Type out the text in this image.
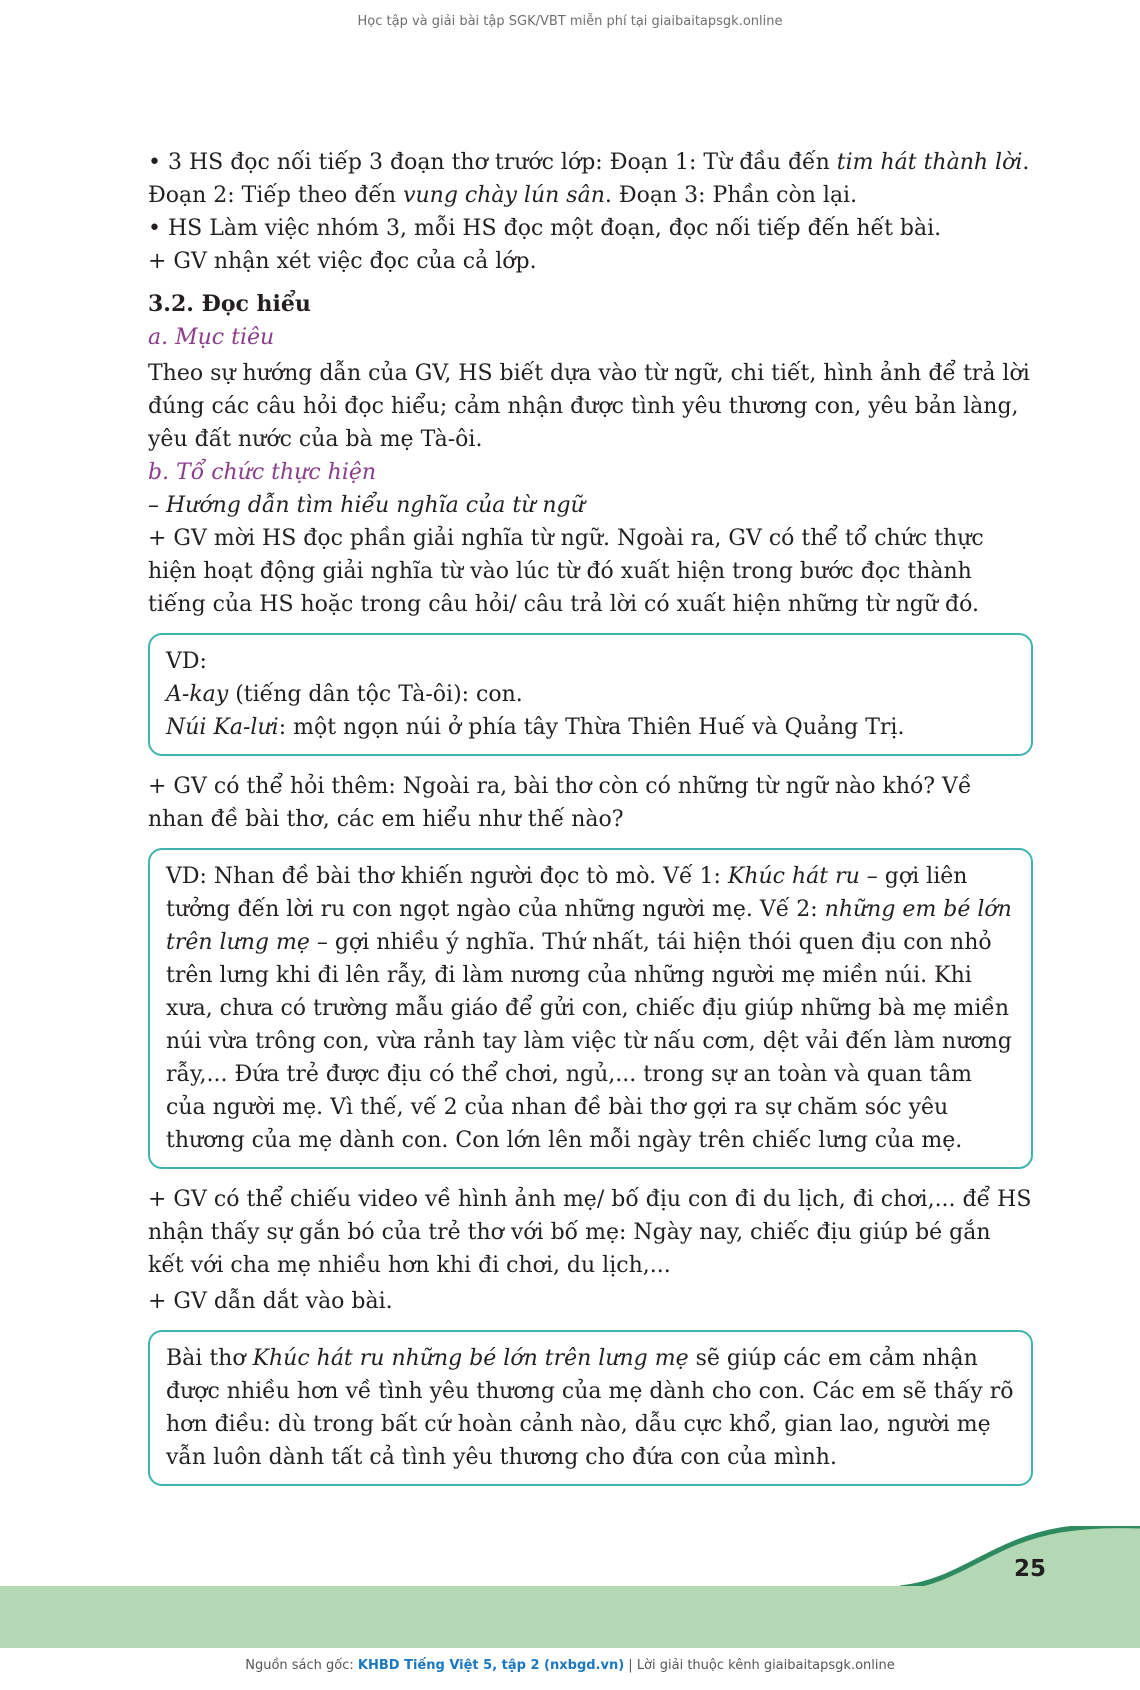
Học tập và giải bài tập SGK/VBT miễn phí tại giaibaitapsgk.online

• 3 HS đọc nối tiếp 3 đoạn thơ trước lớp: Đoạn 1: Từ đầu đến tim hát thành lời. Đoạn 2: Tiếp theo đến vung chày lún sân. Đoạn 3: Phần còn lại.

• HS Làm việc nhóm 3, mỗi HS đọc một đoạn, đọc nối tiếp đến hết bài.

+ GV nhận xét việc đọc của cả lớp.

3.2. Đọc hiểu

a. Mục tiêu

Theo sự hướng dẫn của GV, HS biết dựa vào từ ngữ, chi tiết, hình ảnh để trả lời đúng các câu hỏi đọc hiểu; cảm nhận được tình yêu thương con, yêu bản làng, yêu đất nước của bà mẹ Tà-ôi.

b. Tổ chức thực hiện

– Hướng dẫn tìm hiểu nghĩa của từ ngữ

+ GV mời HS đọc phần giải nghĩa từ ngữ. Ngoài ra, GV có thể tổ chức thực hiện hoạt động giải nghĩa từ vào lúc từ đó xuất hiện trong bước đọc thành tiếng của HS hoặc trong câu hỏi/ câu trả lời có xuất hiện những từ ngữ đó.

VD:

A-kay (tiếng dân tộc Tà-ôi): con.

Núi Ka-lưi: một ngọn núi ở phía tây Thừa Thiên Huế và Quảng Trị.

+ GV có thể hỏi thêm: Ngoài ra, bài thơ còn có những từ ngữ nào khó? Về nhan đề bài thơ, các em hiểu như thế nào?

VD: Nhan đề bài thơ khiến người đọc tò mò. Vế 1: Khúc hát ru – gợi liên tưởng đến lời ru con ngọt ngào của những người mẹ. Vế 2: những em bé lớn trên lưng mẹ – gợi nhiều ý nghĩa. Thứ nhất, tái hiện thói quen địu con nhỏ trên lưng khi đi lên rẫy, đi làm nương của những người mẹ miền núi. Khi xưa, chưa có trường mẫu giáo để gửi con, chiếc địu giúp những bà mẹ miền núi vừa trông con, vừa rảnh tay làm việc từ nấu cơm, dệt vải đến làm nương rẫy,... Đứa trẻ được địu có thể chơi, ngủ,... trong sự an toàn và quan tâm của người mẹ. Vì thế, vế 2 của nhan đề bài thơ gợi ra sự chăm sóc yêu thương của mẹ dành con. Con lớn lên mỗi ngày trên chiếc lưng của mẹ.

+ GV có thể chiếu video về hình ảnh mẹ/ bố địu con đi du lịch, đi chơi,... để HS nhận thấy sự gắn bó của trẻ thơ với bố mẹ: Ngày nay, chiếc địu giúp bé gắn kết với cha mẹ nhiều hơn khi đi chơi, du lịch,...

+ GV dẫn dắt vào bài.

Bài thơ Khúc hát ru những bé lớn trên lưng mẹ sẽ giúp các em cảm nhận được nhiều hơn về tình yêu thương của mẹ dành cho con. Các em sẽ thấy rõ hơn điều: dù trong bất cứ hoàn cảnh nào, dẫu cực khổ, gian lao, người mẹ vẫn luôn dành tất cả tình yêu thương cho đứa con của mình.

25
Nguồn sách gốc: KHBD Tiếng Việt 5, tập 2 (nxbgd.vn) | Lời giải thuộc kênh giaibaitapsgk.online
